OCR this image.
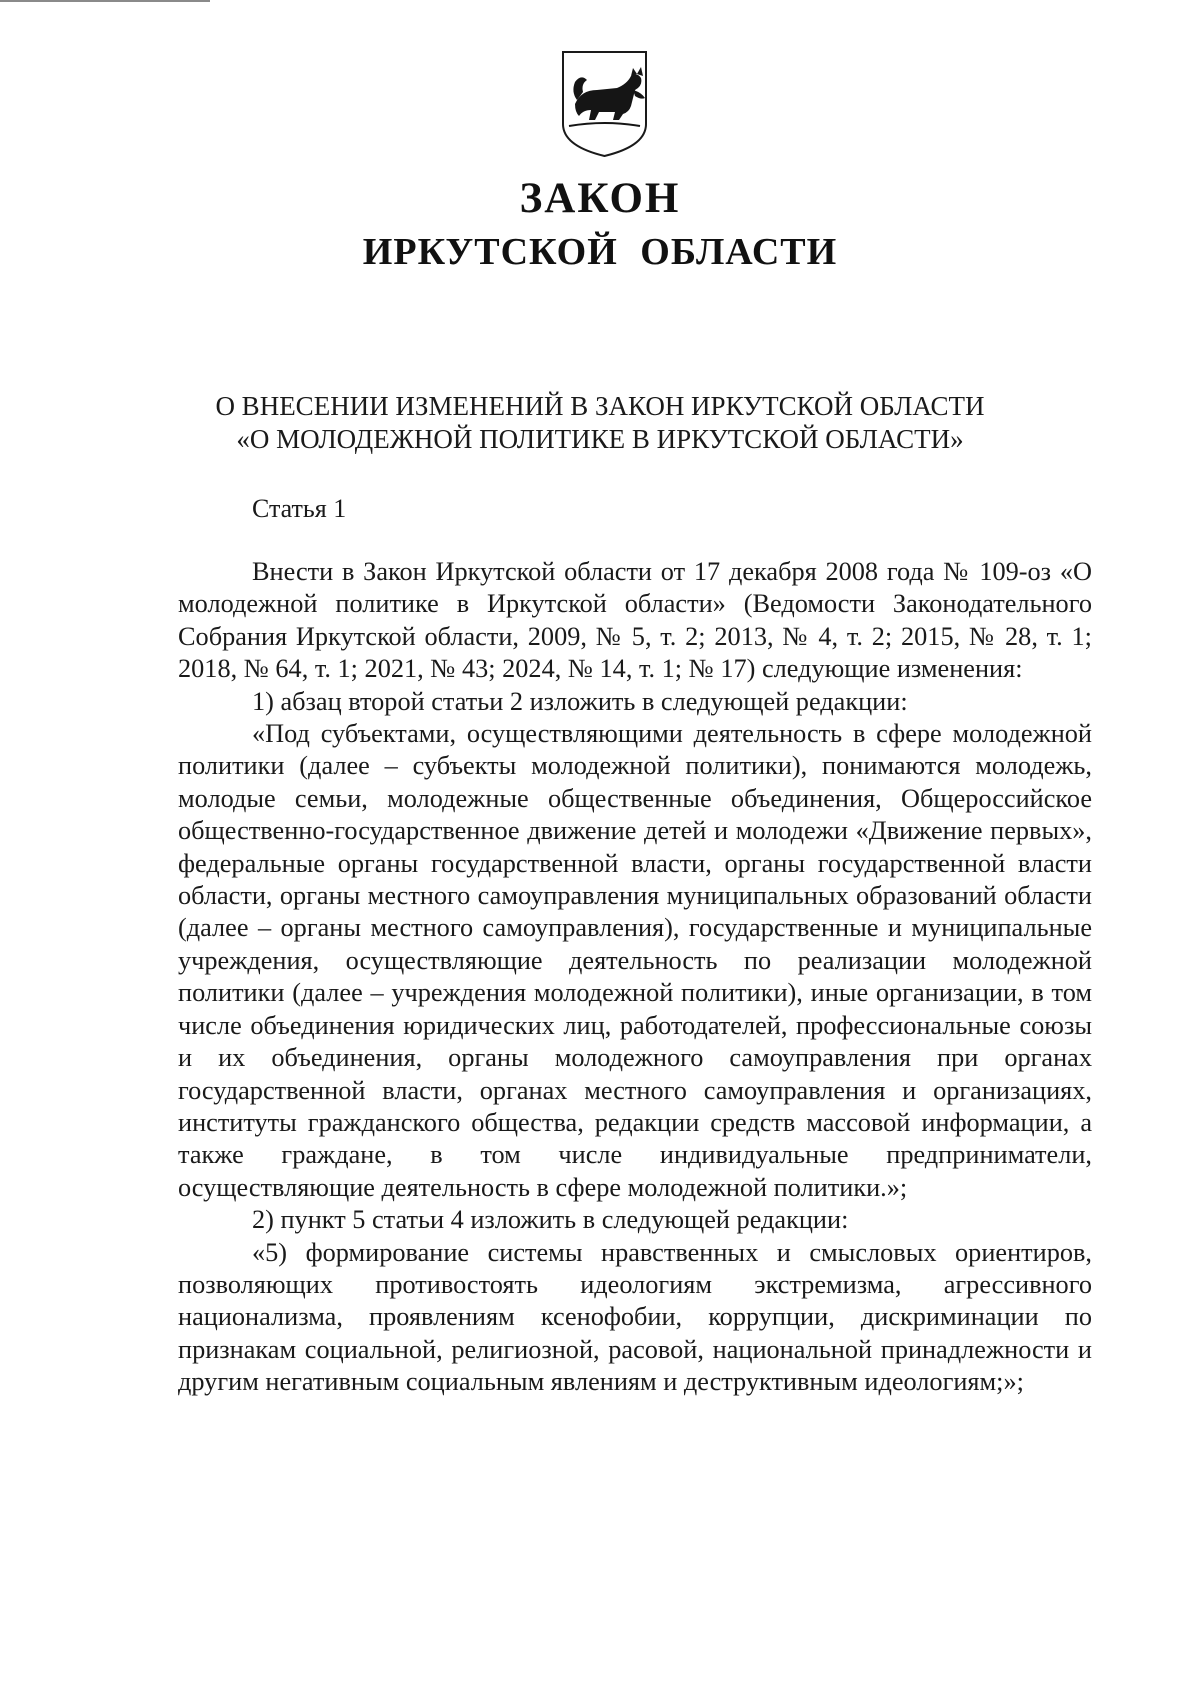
ЗАКОН
ИРКУТСКОЙ ОБЛАСТИ
О ВНЕСЕНИИ ИЗМЕНЕНИЙ В ЗАКОН ИРКУТСКОЙ ОБЛАСТИ
«О МОЛОДЕЖНОЙ ПОЛИТИКЕ В ИРКУТСКОЙ ОБЛАСТИ»
Статья 1

Внести в Закон Иркутской области от 17 декабря 2008 года № 109-оз «О молодежной политике в Иркутской области» (Ведомости Законодательного Собрания Иркутской области, 2009, № 5, т. 2; 2013, № 4, т. 2; 2015, № 28, т. 1; 2018, № 64, т. 1; 2021, № 43; 2024, № 14, т. 1; № 17) следующие изменения:

1) абзац второй статьи 2 изложить в следующей редакции:

«Под субъектами, осуществляющими деятельность в сфере молодежной политики (далее – субъекты молодежной политики), понимаются молодежь, молодые семьи, молодежные общественные объединения, Общероссийское общественно-государственное движение детей и молодежи «Движение первых», федеральные органы государственной власти, органы государственной власти области, органы местного самоуправления муниципальных образований области (далее – органы местного самоуправления), государственные и муниципальные учреждения, осуществляющие деятельность по реализации молодежной политики (далее – учреждения молодежной политики), иные организации, в том числе объединения юридических лиц, работодателей, профессиональные союзы и их объединения, органы молодежного самоуправления при органах государственной власти, органах местного самоуправления и организациях, институты гражданского общества, редакции средств массовой информации, а также граждане, в том числе индивидуальные предприниматели, осуществляющие деятельность в сфере молодежной политики.»;

2) пункт 5 статьи 4 изложить в следующей редакции:

«5) формирование системы нравственных и смысловых ориентиров, позволяющих противостоять идеологиям экстремизма, агрессивного национализма, проявлениям ксенофобии, коррупции, дискриминации по признакам социальной, религиозной, расовой, национальной принадлежности и другим негативным социальным явлениям и деструктивным идеологиям;»;
